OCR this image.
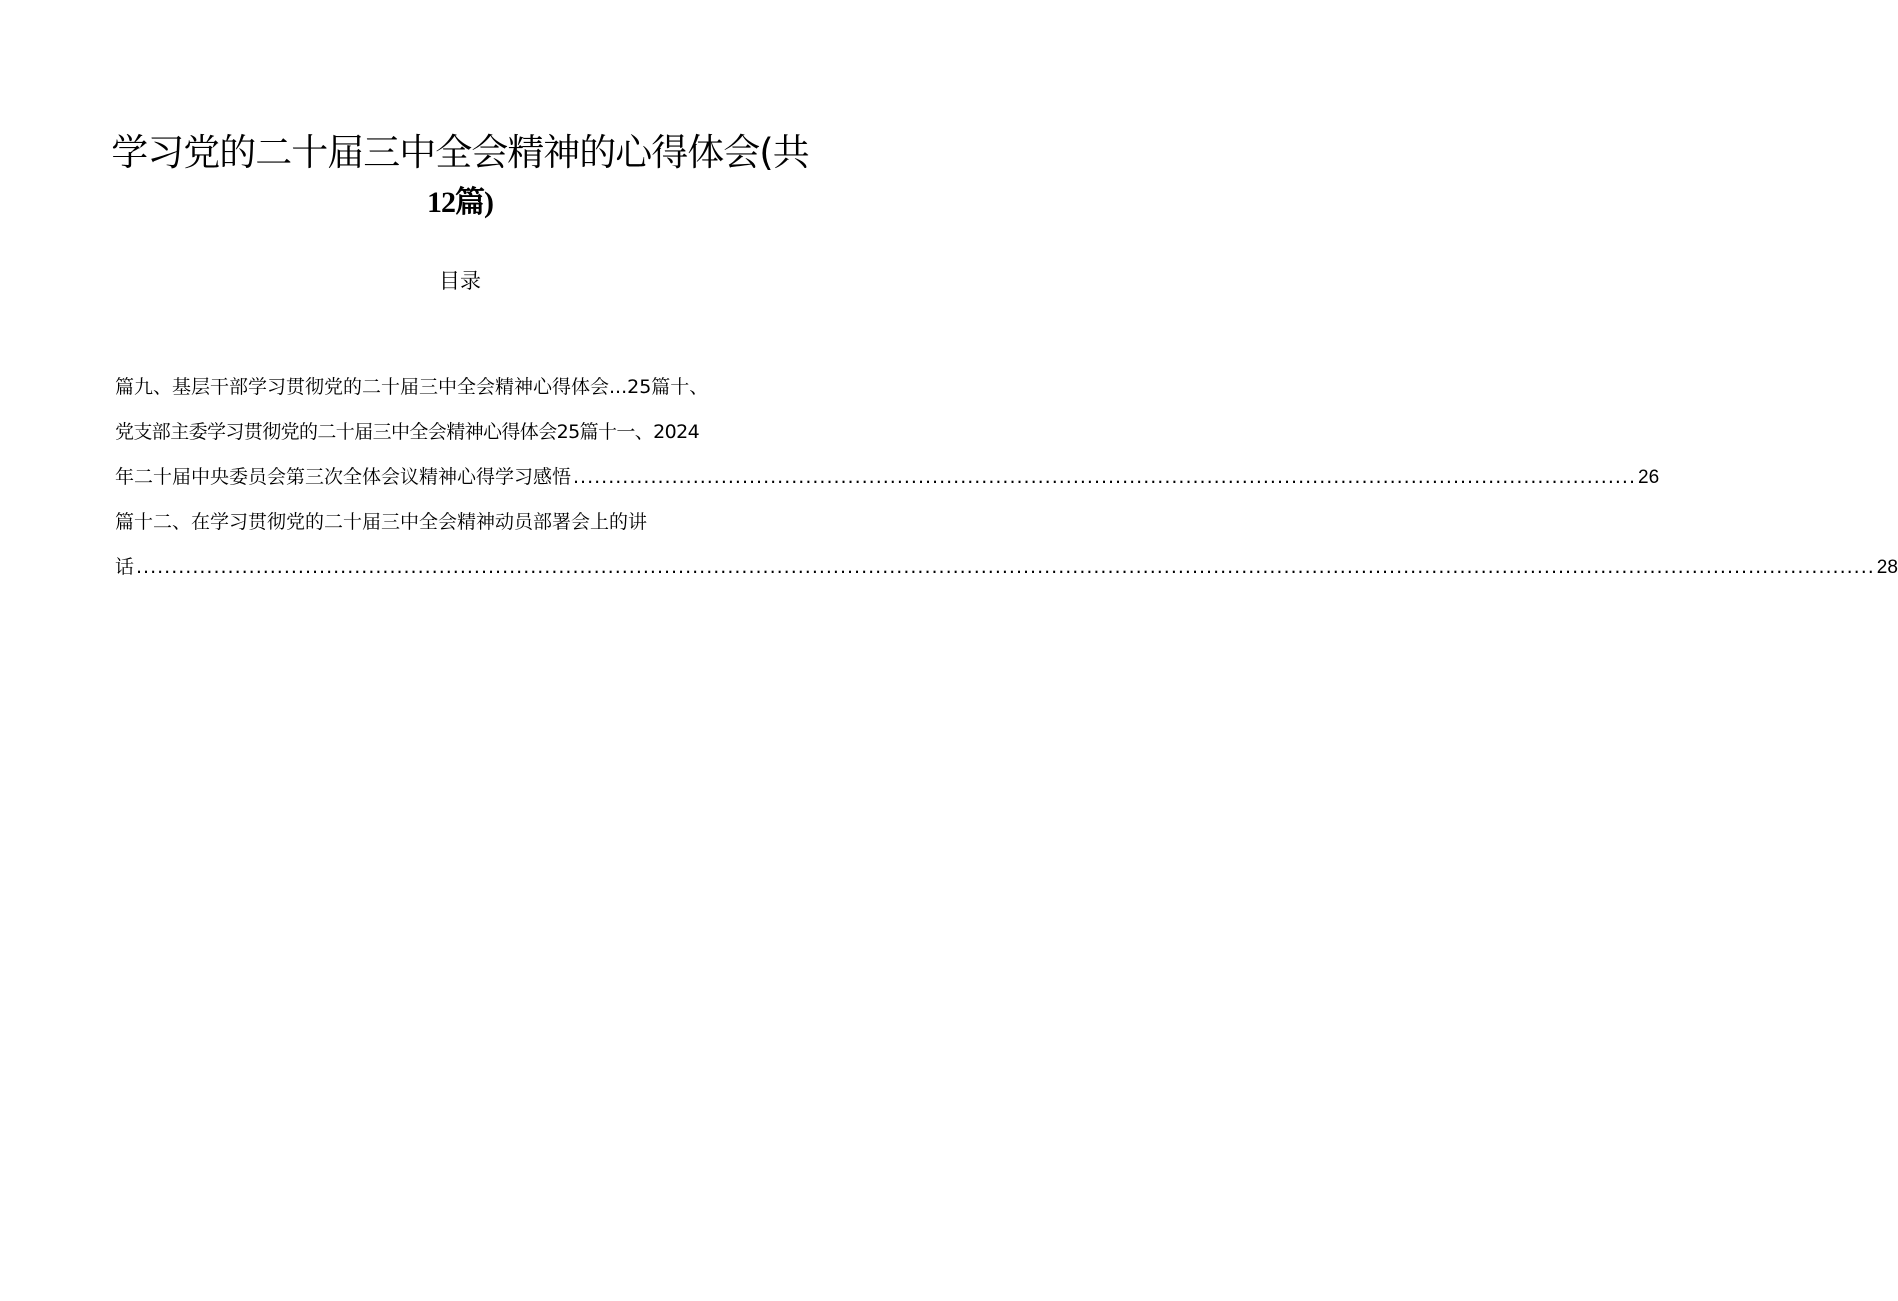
学习党的二十届三中全会精神的心得体会(共
12篇)
目录
篇九、基层干部学习贯彻党的二十届三中全会精神心得体会...25篇十、
党支部主委学习贯彻党的二十届三中全会精神心得体会25篇十一、2024
年二十届中央委员会第三次全体会议精神心得学习感悟 ....................................................................................................................................................... 26
篇十二、在学习贯彻党的二十届三中全会精神动员部署会上的讲
话 ....................................................................................................................................................................................................................................................... 28
